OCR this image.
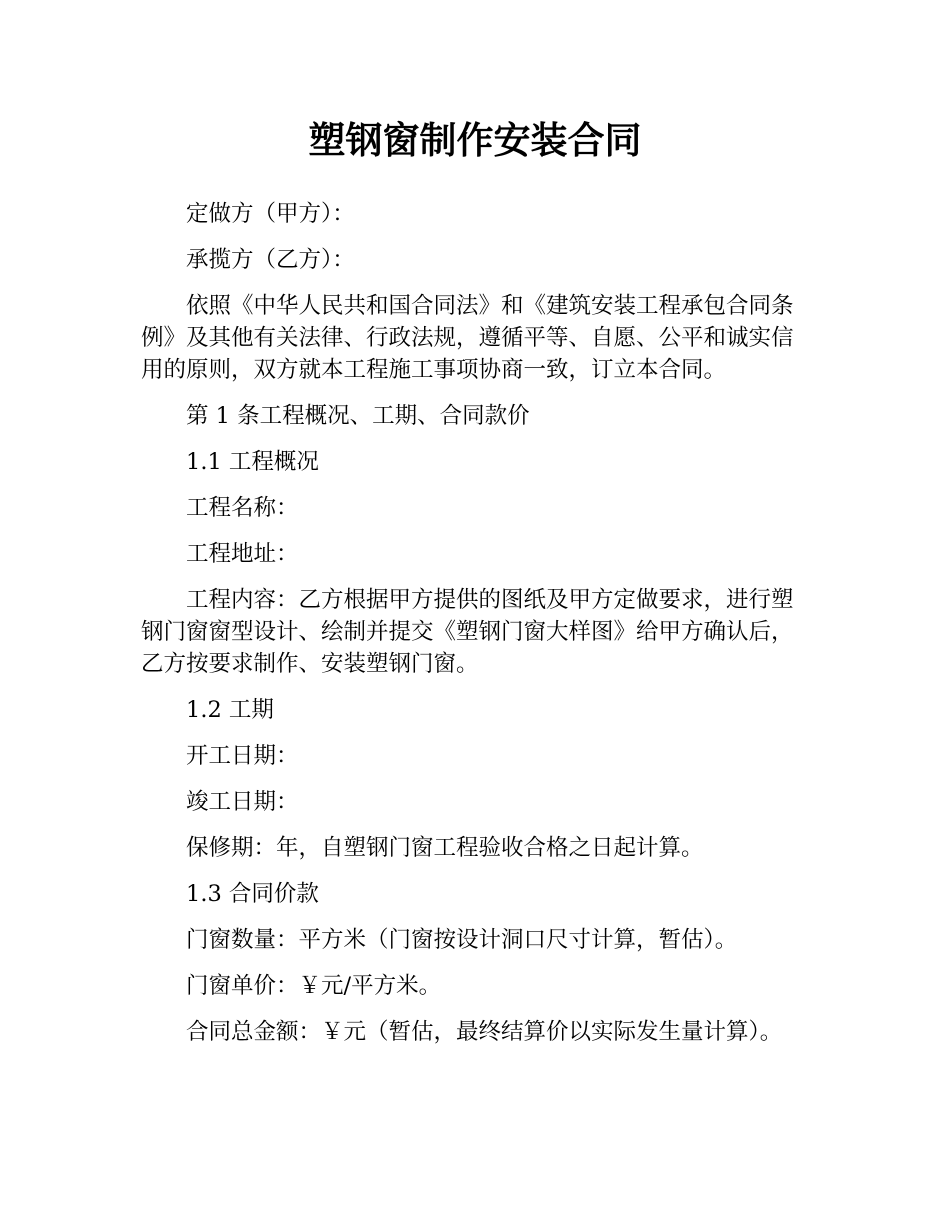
塑钢窗制作安装合同

定做方（甲方）：

承揽方（乙方）：

依照《中华人民共和国合同法》和《建筑安装工程承包合同条例》及其他有关法律、行政法规，遵循平等、自愿、公平和诚实信用的原则，双方就本工程施工事项协商一致，订立本合同。

第 1 条工程概况、工期、合同款价

1.1 工程概况

工程名称：

工程地址：

工程内容：乙方根据甲方提供的图纸及甲方定做要求，进行塑钢门窗窗型设计、绘制并提交《塑钢门窗大样图》给甲方确认后，乙方按要求制作、安装塑钢门窗。

1.2 工期

开工日期：

竣工日期：

保修期：年，自塑钢门窗工程验收合格之日起计算。

1.3 合同价款

门窗数量：平方米（门窗按设计洞口尺寸计算，暂估）。

门窗单价：￥元/平方米。

合同总金额：￥元（暂估，最终结算价以实际发生量计算）。
